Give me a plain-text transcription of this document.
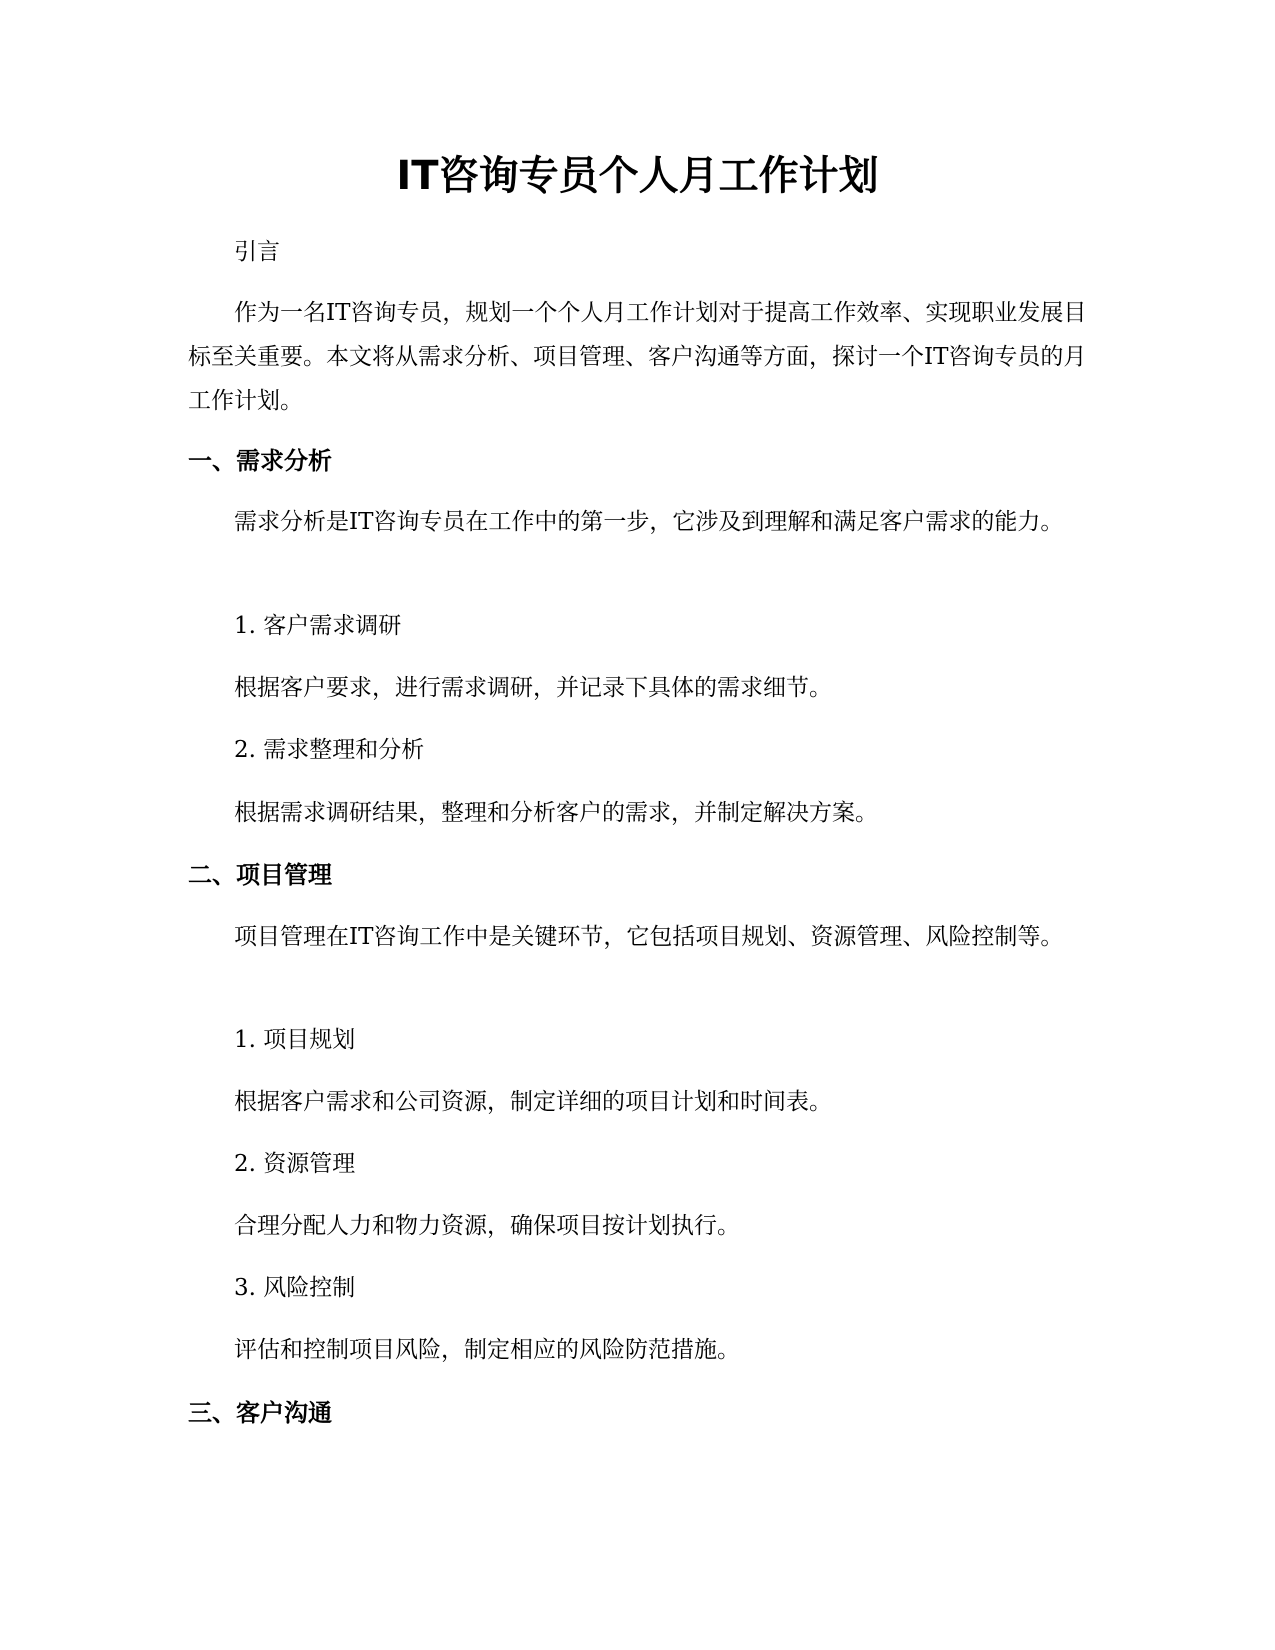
IT咨询专员个人月工作计划

引言

作为一名IT咨询专员，规划一个个人月工作计划对于提高工作效率、实现职业发展目标至关重要。本文将从需求分析、项目管理、客户沟通等方面，探讨一个IT咨询专员的月工作计划。

一、需求分析

需求分析是IT咨询专员在工作中的第一步，它涉及到理解和满足客户需求的能力。

1. 客户需求调研

根据客户要求，进行需求调研，并记录下具体的需求细节。

2. 需求整理和分析

根据需求调研结果，整理和分析客户的需求，并制定解决方案。

二、项目管理

项目管理在IT咨询工作中是关键环节，它包括项目规划、资源管理、风险控制等。

1. 项目规划

根据客户需求和公司资源，制定详细的项目计划和时间表。

2. 资源管理

合理分配人力和物力资源，确保项目按计划执行。

3. 风险控制

评估和控制项目风险，制定相应的风险防范措施。

三、客户沟通
